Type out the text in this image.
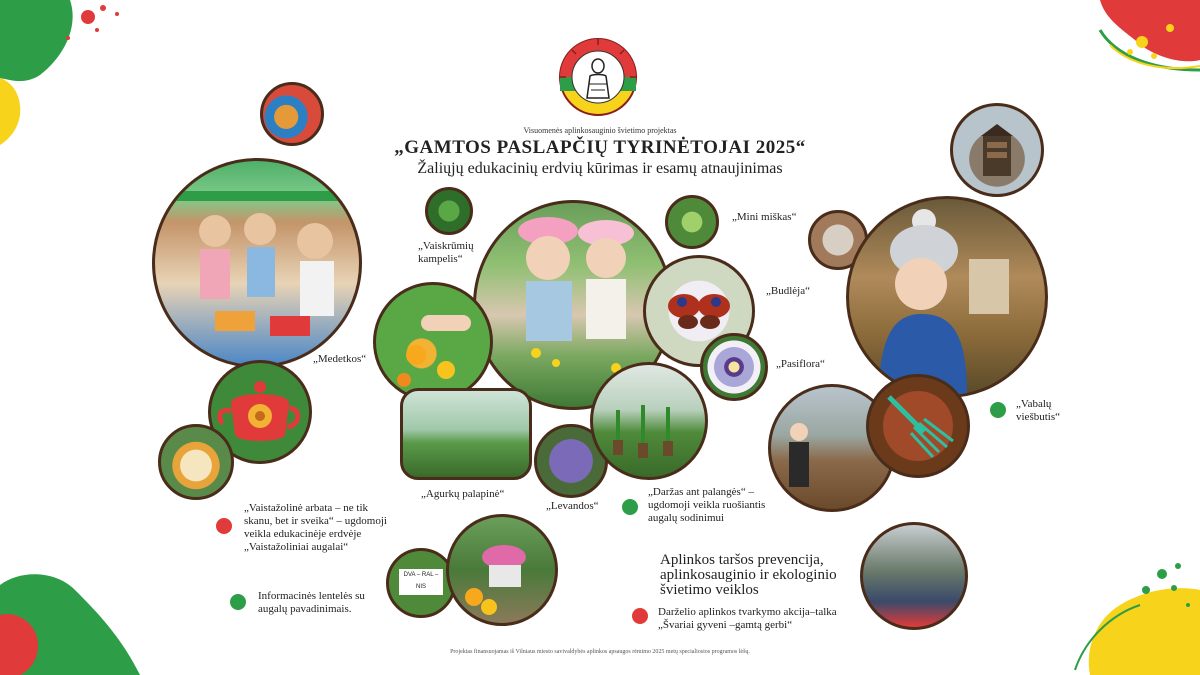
Visuomenės aplinkosauginio švietimo projektas
„GAMTOS PASLAPČIŲ TYRINĖTOJAI 2025“
Žaliųjų edukacinių erdvių kūrimas ir esamų atnaujinimas
DVA – RAL – NIS
„Vaiskrūmių kampelis“
„Mini miškas“
„Budlėja“
„Pasiflora“
„Medetkos“
„Agurkų palapinė“
„Levandos“
„Vabalų viešbutis“
„Vaistažolinė arbata – ne tik skanu, bet ir sveika“ – ugdomoji veikla edukacinėje erdvėje „Vaistažoliniai augalai“
„Daržas ant palangės“ – ugdomoji veikla ruošiantis augalų sodinimui
Informacinės lentelės su augalų pavadinimais.
Aplinkos taršos prevencija, aplinkosauginio ir ekologinio švietimo veiklos
Darželio aplinkos tvarkymo akcija–talka „Švariai gyveni –gamtą gerbi“
Projektas finansuojamas iš Vilniaus miesto savivaldybės aplinkos apsaugos rėmimo 2025 metų specialiosios programos lėšų.
